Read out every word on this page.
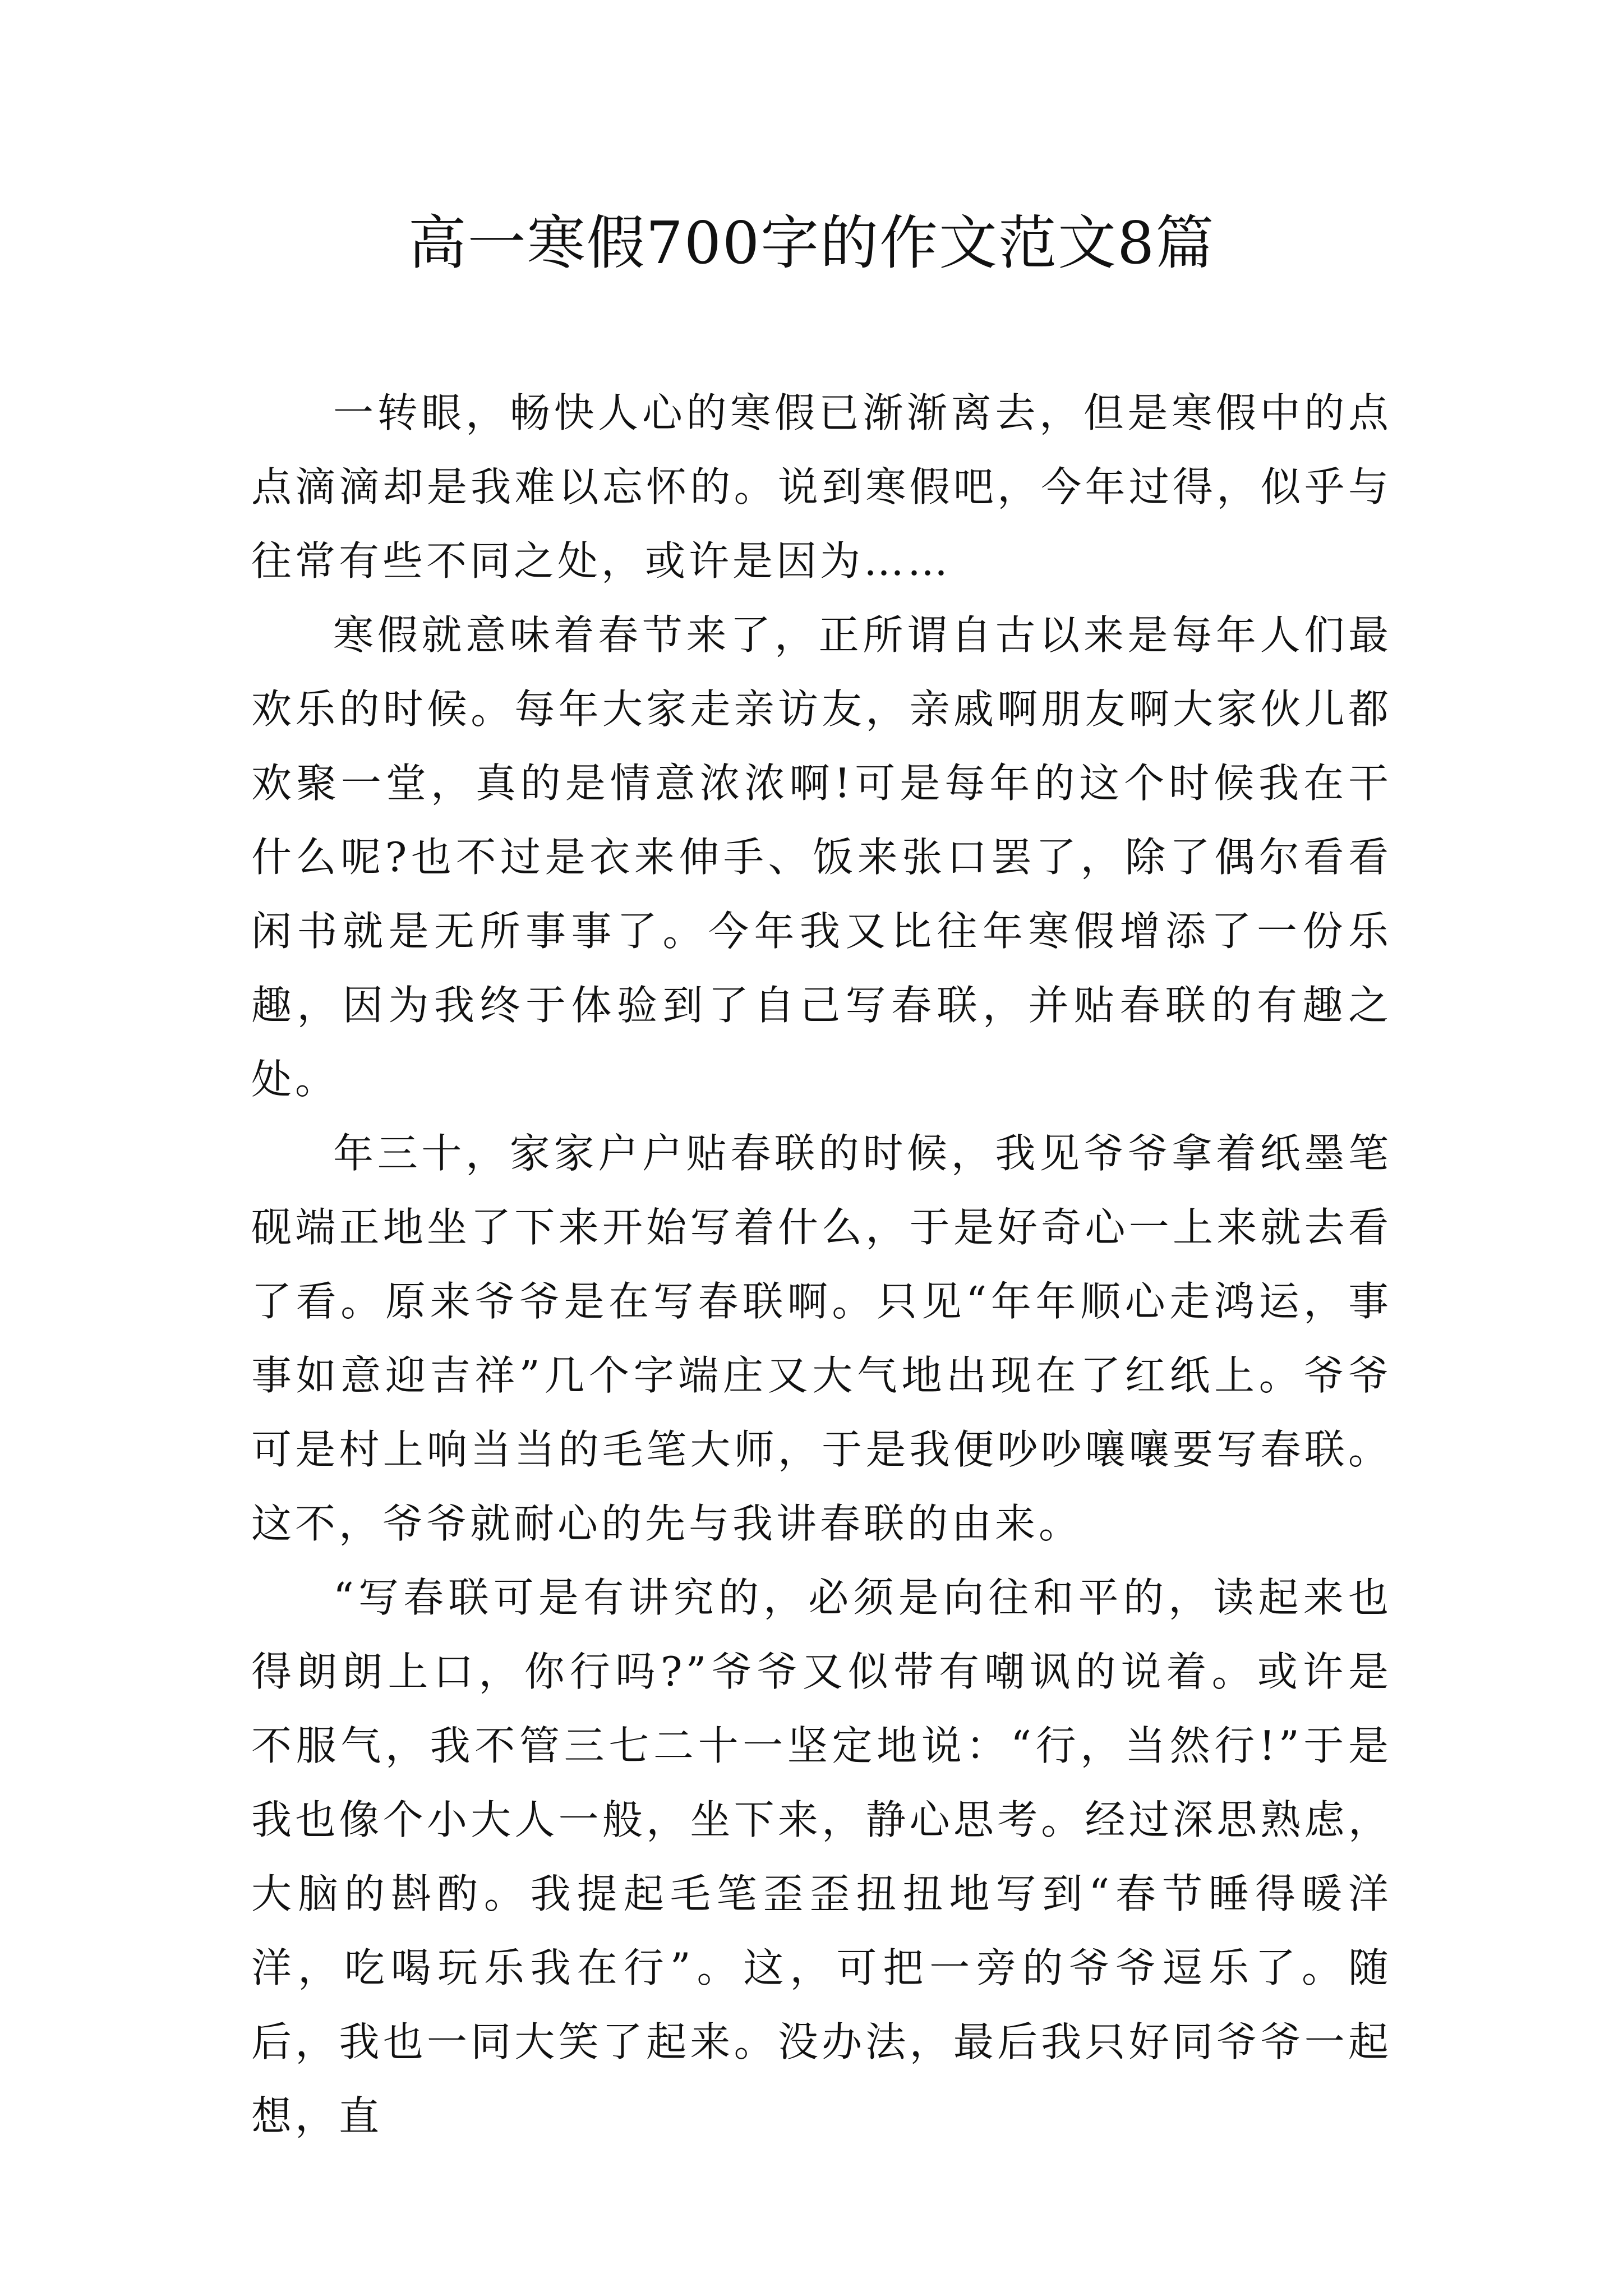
高一寒假700字的作文范文8篇

一转眼，畅快人心的寒假已渐渐离去，但是寒假中的点点滴滴却是我难以忘怀的。说到寒假吧，今年过得，似乎与往常有些不同之处，或许是因为……

寒假就意味着春节来了，正所谓自古以来是每年人们最欢乐的时候。每年大家走亲访友，亲戚啊朋友啊大家伙儿都欢聚一堂，真的是情意浓浓啊!可是每年的这个时候我在干什么呢?也不过是衣来伸手、饭来张口罢了，除了偶尔看看闲书就是无所事事了。今年我又比往年寒假增添了一份乐趣，因为我终于体验到了自己写春联，并贴春联的有趣之处。

年三十，家家户户贴春联的时候，我见爷爷拿着纸墨笔砚端正地坐了下来开始写着什么，于是好奇心一上来就去看了看。原来爷爷是在写春联啊。只见“年年顺心走鸿运，事事如意迎吉祥”几个字端庄又大气地出现在了红纸上。爷爷可是村上响当当的毛笔大师，于是我便吵吵嚷嚷要写春联。这不，爷爷就耐心的先与我讲春联的由来。

“写春联可是有讲究的，必须是向往和平的，读起来也得朗朗上口，你行吗?”爷爷又似带有嘲讽的说着。或许是不服气，我不管三七二十一坚定地说：“行，当然行!”于是我也像个小大人一般，坐下来，静心思考。经过深思熟虑，大脑的斟酌。我提起毛笔歪歪扭扭地写到“春节睡得暖洋洋，吃喝玩乐我在行”。这，可把一旁的爷爷逗乐了。随后，我也一同大笑了起来。没办法，最后我只好同爷爷一起想，直
